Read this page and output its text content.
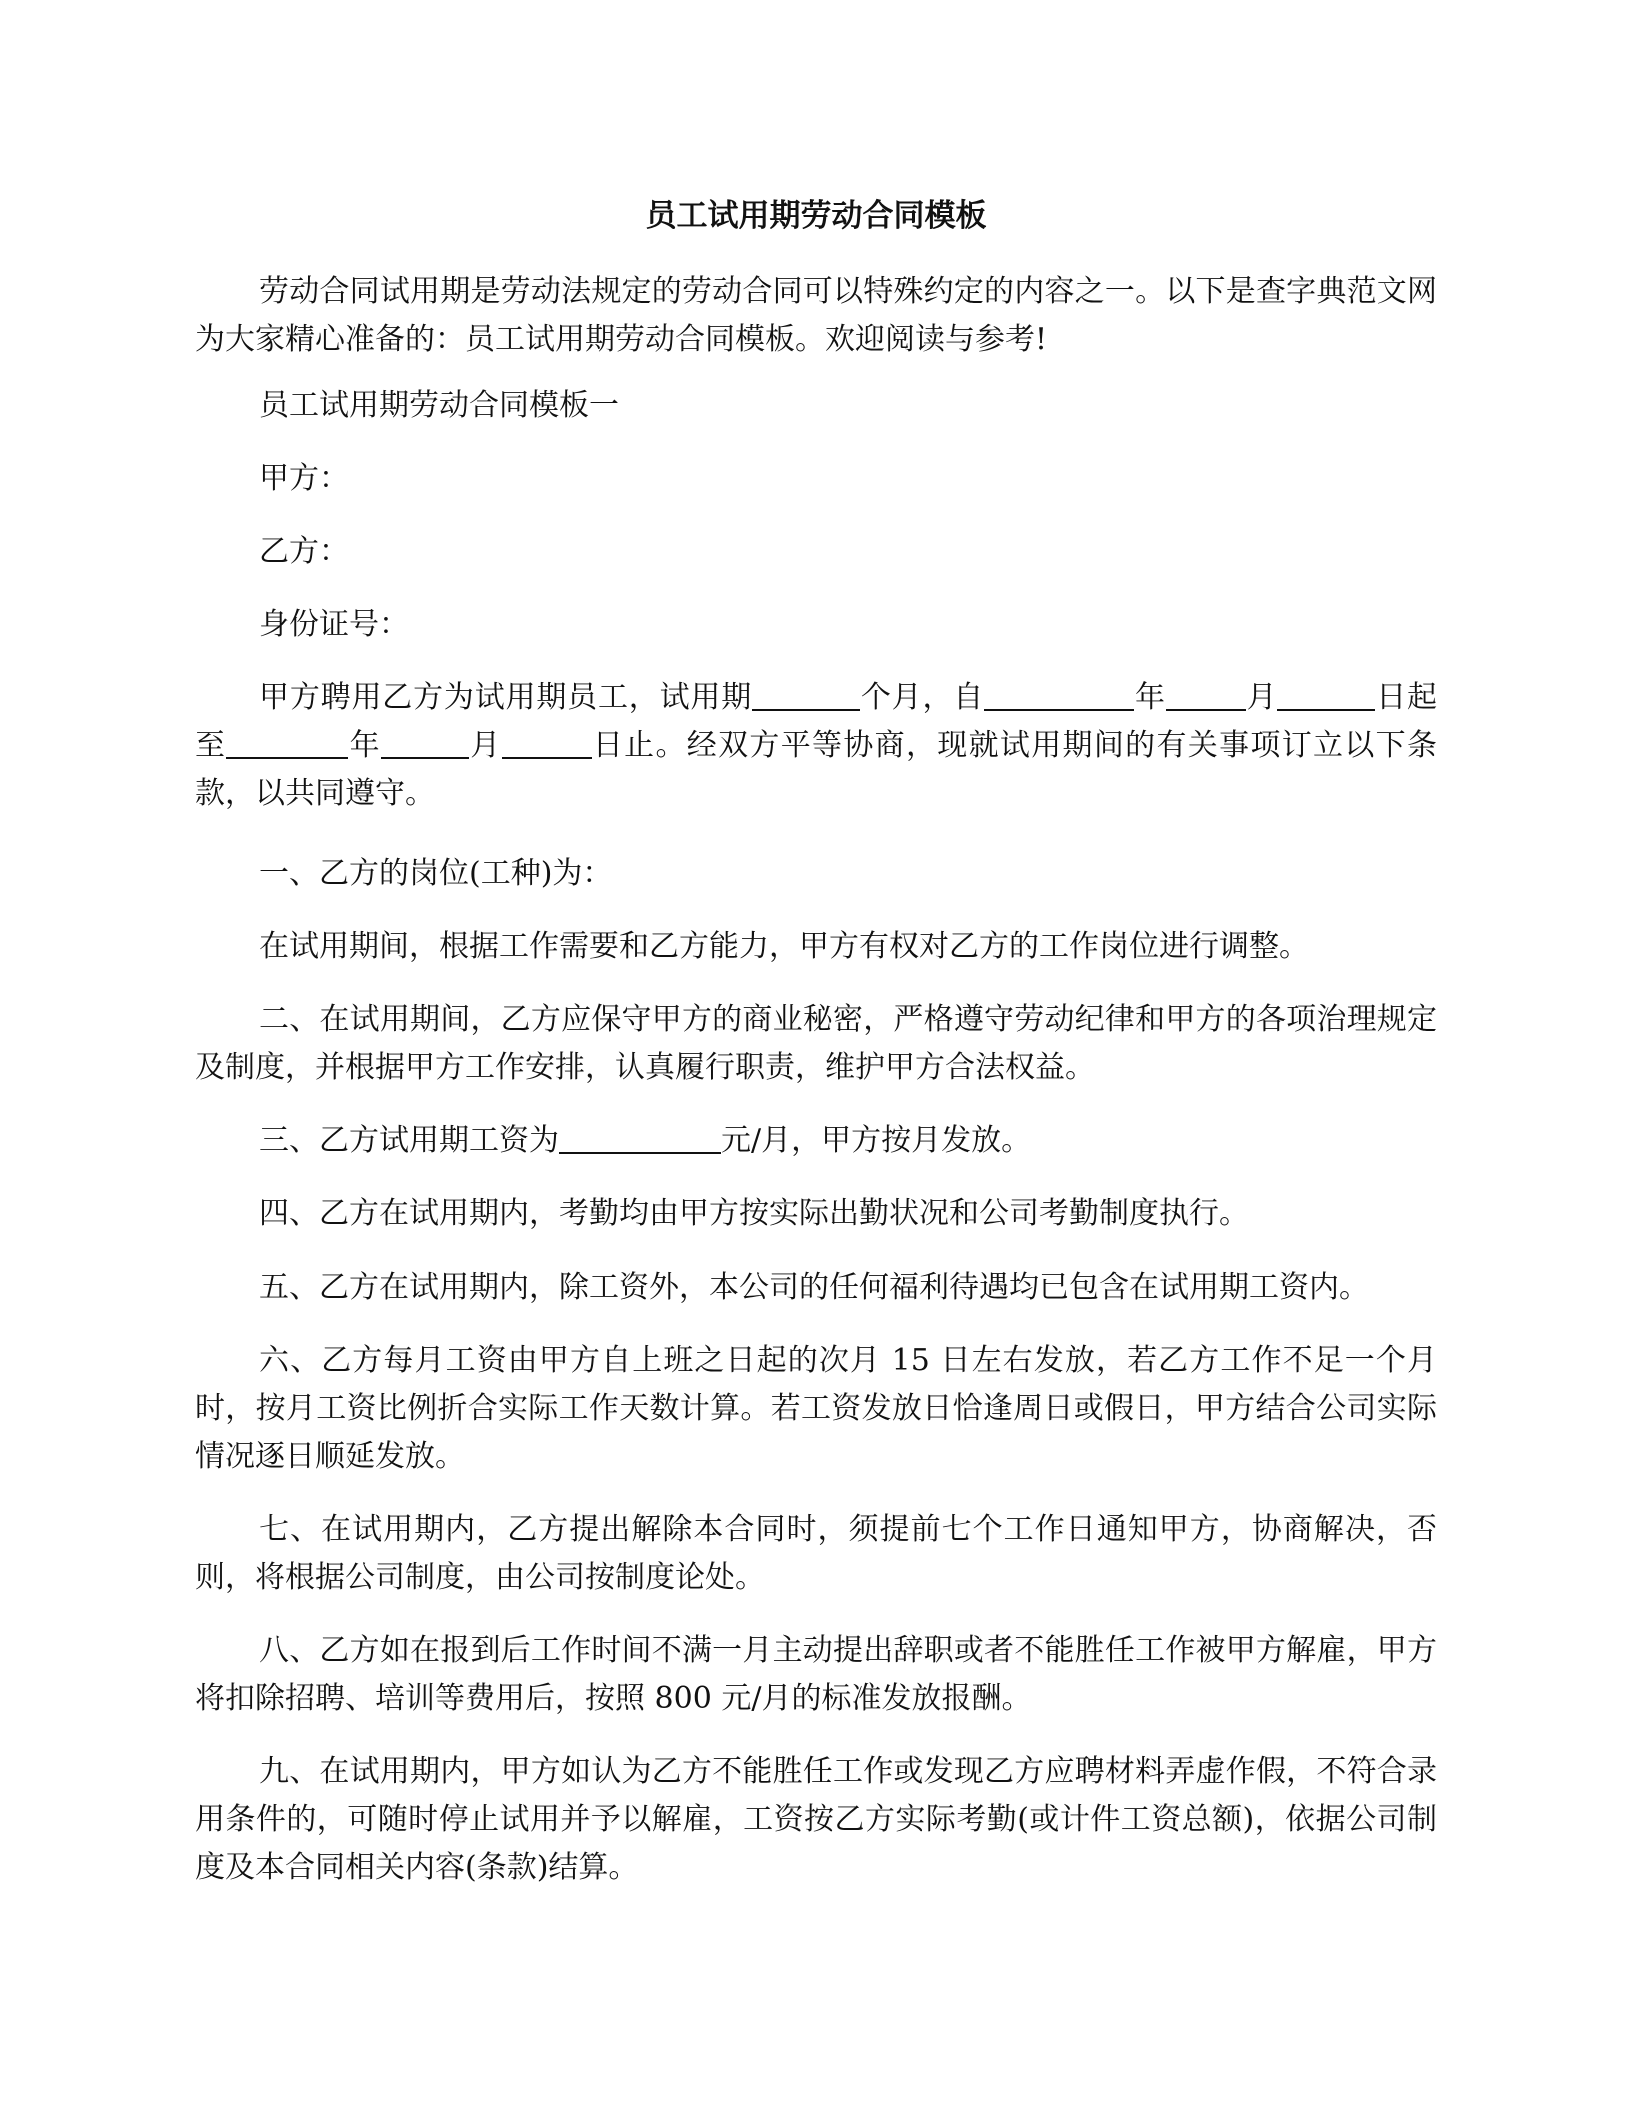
员工试用期劳动合同模板

劳动合同试用期是劳动法规定的劳动合同可以特殊约定的内容之一。以下是查字典范文网为大家精心准备的：员工试用期劳动合同模板。欢迎阅读与参考!

员工试用期劳动合同模板一

甲方：

乙方：

身份证号：

甲方聘用乙方为试用期员工，试用期	个月，自	年	月	日起至	年	月	日止。经双方平等协商，现就试用期间的有关事项订立以下条款，以共同遵守。

一、乙方的岗位(工种)为：

在试用期间，根据工作需要和乙方能力，甲方有权对乙方的工作岗位进行调整。

二、在试用期间，乙方应保守甲方的商业秘密，严格遵守劳动纪律和甲方的各项治理规定及制度，并根据甲方工作安排，认真履行职责，维护甲方合法权益。

三、乙方试用期工资为	元/月，甲方按月发放。

四、乙方在试用期内，考勤均由甲方按实际出勤状况和公司考勤制度执行。

五、乙方在试用期内，除工资外，本公司的任何福利待遇均已包含在试用期工资内。

六、乙方每月工资由甲方自上班之日起的次月 15 日左右发放，若乙方工作不足一个月时，按月工资比例折合实际工作天数计算。若工资发放日恰逢周日或假日，甲方结合公司实际情况逐日顺延发放。

七、在试用期内，乙方提出解除本合同时，须提前七个工作日通知甲方，协商解决，否则，将根据公司制度，由公司按制度论处。

八、乙方如在报到后工作时间不满一月主动提出辞职或者不能胜任工作被甲方解雇，甲方将扣除招聘、培训等费用后，按照 800 元/月的标准发放报酬。

九、在试用期内，甲方如认为乙方不能胜任工作或发现乙方应聘材料弄虚作假，不符合录用条件的，可随时停止试用并予以解雇，工资按乙方实际考勤(或计件工资总额)，依据公司制度及本合同相关内容(条款)结算。
